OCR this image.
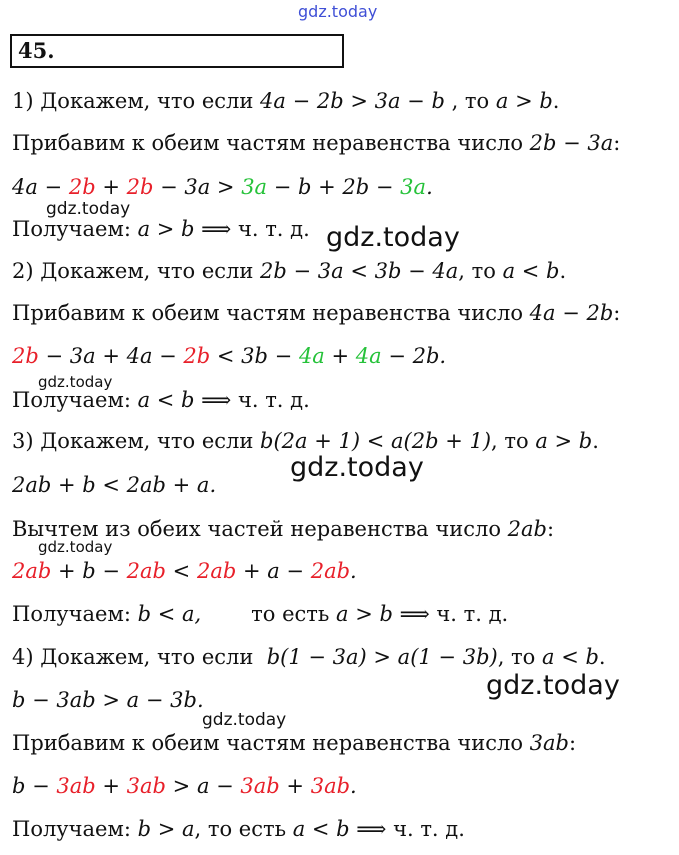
gdz.today
45.
1) Докажем, что если 4a − 2b > 3a − b , то a > b.
Прибавим к обеим частям неравенства число 2b − 3a:
4a − 2b + 2b − 3a > 3a − b + 2b − 3a.
gdz.today
Получаем: a > b ⟹ ч. т. д. gdz.today
2) Докажем, что если 2b − 3a < 3b − 4a, то a < b.
Прибавим к обеим частям неравенства число 4a − 2b:
2b − 3a + 4a − 2b < 3b − 4a + 4a − 2b.
gdz.today
Получаем: a < b ⟹ ч. т. д.
3) Докажем, что если b(2a + 1) < a(2b + 1), то a > b.
gdz.today
2ab + b < 2ab + a.
Вычтем из обеих частей неравенства число 2ab:
gdz.today
2ab + b − 2ab < 2ab + a − 2ab.
Получаем: b < a, то есть a > b ⟹ ч. т. д.
4) Докажем, что если  b(1 − 3a) > a(1 − 3b), то a < b.
gdz.today
b − 3ab > a − 3b.
gdz.today
Прибавим к обеим частям неравенства число 3ab:
b − 3ab + 3ab > a − 3ab + 3ab.
Получаем: b > a, то есть a < b ⟹ ч. т. д.
